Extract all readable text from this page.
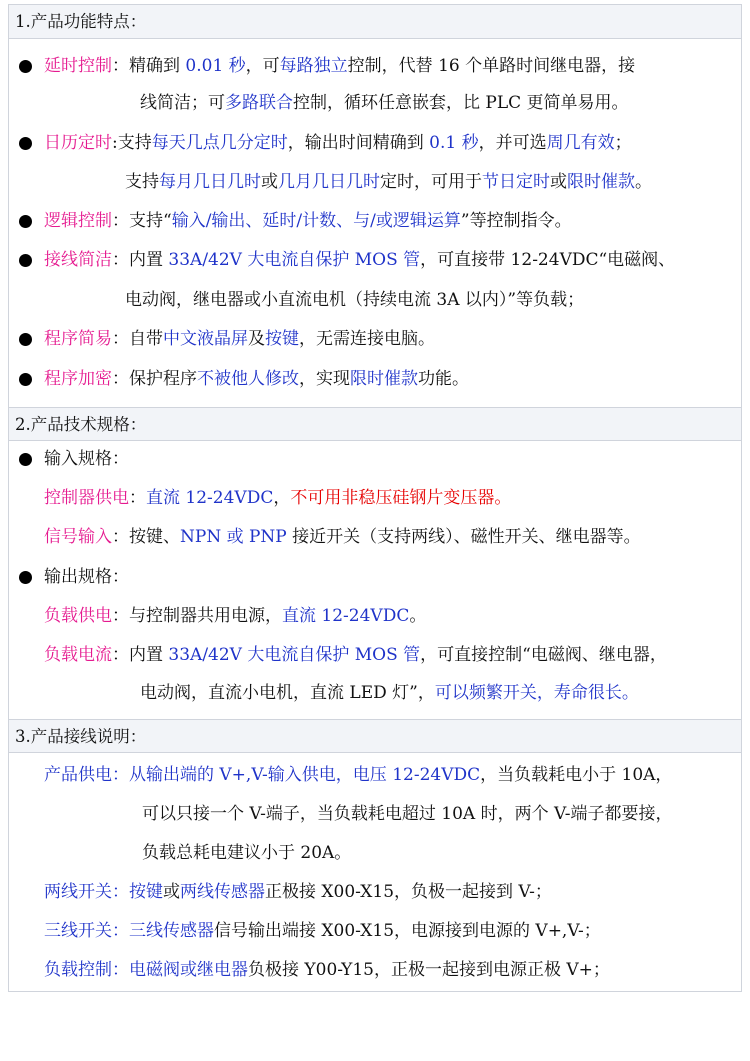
1.产品功能特点：
2.产品技术规格：
3.产品接线说明：
延时控制：精确到 0.01 秒，可每路独立控制，代替 16 个单路时间继电器，接
线简洁；可多路联合控制，循环任意嵌套，比 PLC 更简单易用。
日历定时:支持每天几点几分定时，输出时间精确到 0.1 秒，并可选周几有效；
支持每月几日几时或几月几日几时定时，可用于节日定时或限时催款。
逻辑控制：支持“输入/输出、延时/计数、与/或逻辑运算”等控制指令。
接线简洁：内置 33A/42V 大电流自保护 MOS 管，可直接带 12-24VDC“电磁阀、
电动阀，继电器或小直流电机（持续电流 3A 以内）”等负载；
程序简易：自带中文液晶屏及按键，无需连接电脑。
程序加密：保护程序不被他人修改，实现限时催款功能。
输入规格：
控制器供电：直流 12-24VDC，不可用非稳压硅钢片变压器。
信号输入：按键、NPN 或 PNP 接近开关（支持两线）、磁性开关、继电器等。
输出规格：
负载供电：与控制器共用电源，直流 12-24VDC。
负载电流：内置 33A/42V 大电流自保护 MOS 管，可直接控制“电磁阀、继电器，
电动阀，直流小电机，直流 LED 灯”，可以频繁开关，寿命很长。
产品供电：从输出端的 V+,V-输入供电，电压 12-24VDC，当负载耗电小于 10A，
可以只接一个 V-端子，当负载耗电超过 10A 时，两个 V-端子都要接，
负载总耗电建议小于 20A。
两线开关：按键或两线传感器正极接 X00-X15，负极一起接到 V-；
三线开关：三线传感器信号输出端接 X00-X15，电源接到电源的 V+,V-；
负载控制：电磁阀或继电器负极接 Y00-Y15，正极一起接到电源正极 V+；
